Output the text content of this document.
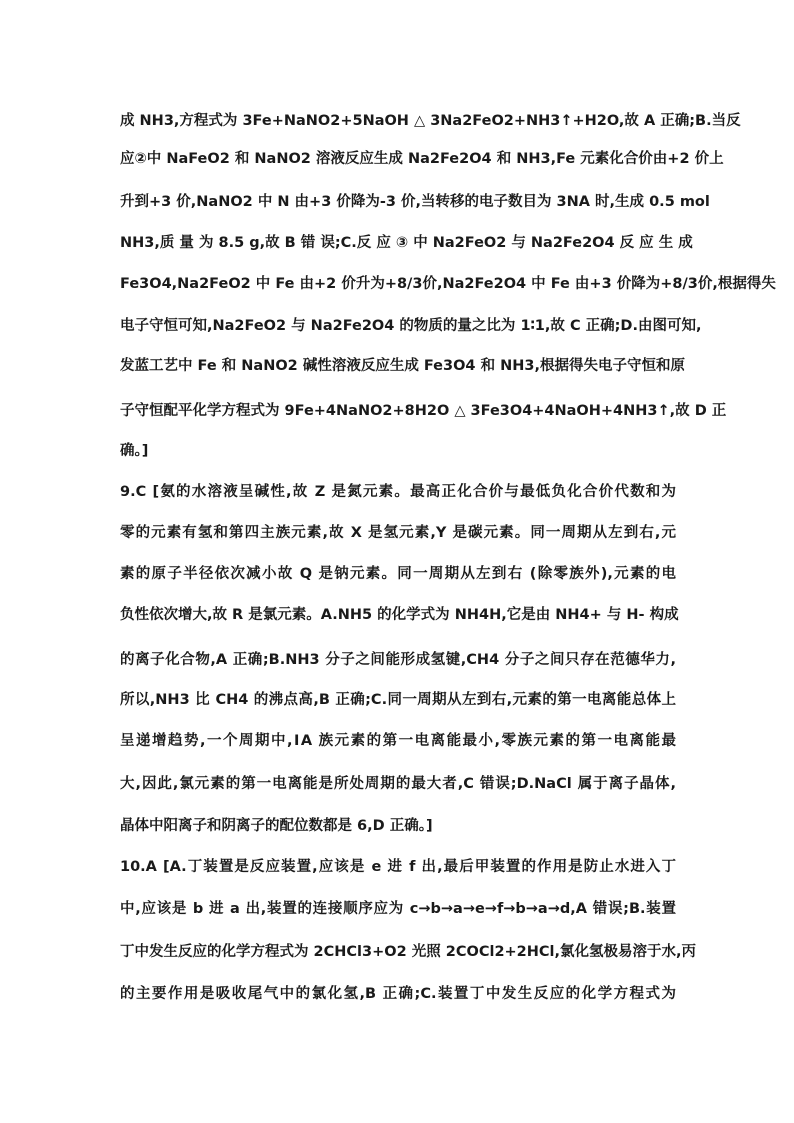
成 NH3,方程式为 3Fe+NaNO2+5NaOH △ 3Na2FeO2+NH3↑+H2O,故 A 正确;B.当反
应②中 NaFeO2 和 NaNO2 溶液反应生成 Na2Fe2O4 和 NH3,Fe 元素化合价由+2 价上
升到+3 价,NaNO2 中 N 由+3 价降为-3 价,当转移的电子数目为 3NA 时,生成 0.5 mol
NH3,质 量 为 8.5 g,故 B 错 误;C.反 应 ③ 中 Na2FeO2 与 Na2Fe2O4 反 应 生 成
Fe3O4,Na2FeO2 中 Fe 由+2 价升为+8/3价,Na2Fe2O4 中 Fe 由+3 价降为+8/3价,根据得失
电子守恒可知,Na2FeO2 与 Na2Fe2O4 的物质的量之比为 1∶1,故 C 正确;D.由图可知,
发蓝工艺中 Fe 和 NaNO2 碱性溶液反应生成 Fe3O4 和 NH3,根据得失电子守恒和原
子守恒配平化学方程式为 9Fe+4NaNO2+8H2O △ 3Fe3O4+4NaOH+4NH3↑,故 D 正
确。]
9.C [氨的水溶液呈碱性,故 Z 是氮元素。最高正化合价与最低负化合价代数和为
零的元素有氢和第四主族元素,故 X 是氢元素,Y 是碳元素。同一周期从左到右,元
素的原子半径依次减小故 Q 是钠元素。同一周期从左到右 (除零族外),元素的电
负性依次增大,故 R 是氯元素。A.NH5 的化学式为 NH4H,它是由 NH4+ 与 H- 构成
的离子化合物,A 正确;B.NH3 分子之间能形成氢键,CH4 分子之间只存在范德华力,
所以,NH3 比 CH4 的沸点高,B 正确;C.同一周期从左到右,元素的第一电离能总体上
呈递增趋势,一个周期中,ⅠA 族元素的第一电离能最小,零族元素的第一电离能最
大,因此,氯元素的第一电离能是所处周期的最大者,C 错误;D.NaCl 属于离子晶体,
晶体中阳离子和阴离子的配位数都是 6,D 正确。]
10.A [A.丁装置是反应装置,应该是 e 进 f 出,最后甲装置的作用是防止水进入丁
中,应该是 b 进 a 出,装置的连接顺序应为 c→b→a→e→f→b→a→d,A 错误;B.装置
丁中发生反应的化学方程式为 2CHCl3+O2 光照 2COCl2+2HCl,氯化氢极易溶于水,丙
的主要作用是吸收尾气中的氯化氢,B 正确;C.装置丁中发生反应的化学方程式为
